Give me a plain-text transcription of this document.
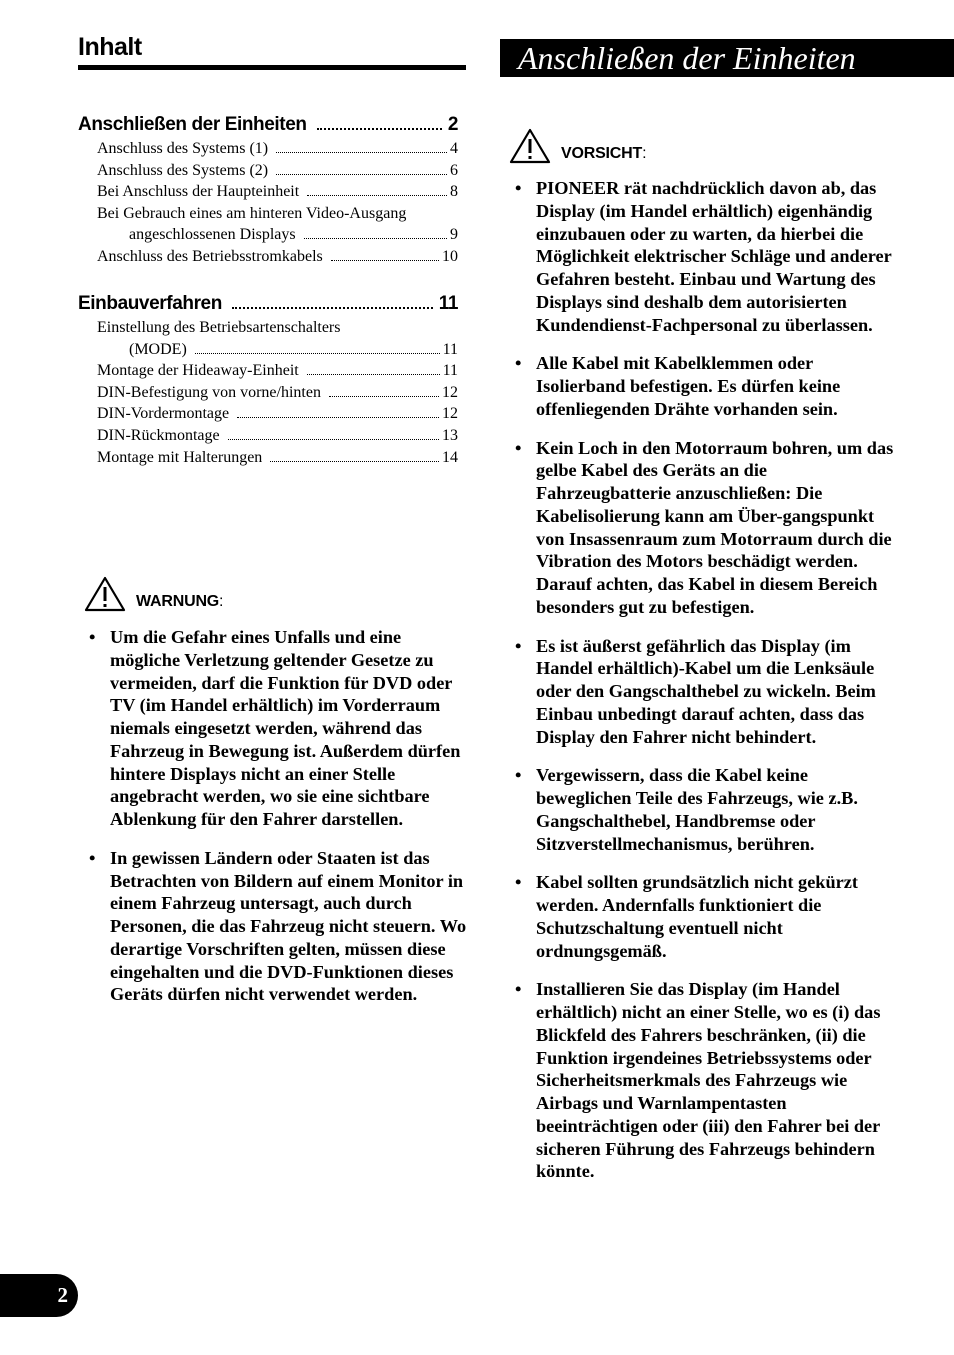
Inhalt
Anschließen der Einheiten	2
Anschluss des Systems (1)	4
Anschluss des Systems (2)	6
Bei Anschluss der Haupteinheit	8
Bei Gebrauch eines am hinteren Video-Ausgang
angeschlossenen Displays	9
Anschluss des Betriebsstromkabels	10
Einbauverfahren	11
Einstellung des Betriebsartenschalters
(MODE)	11
Montage der Hideaway-Einheit	11
DIN-Befestigung von vorne/hinten	12
DIN-Vordermontage	12
DIN-Rückmontage	13
Montage mit Halterungen	14
WARNUNG:
• Um die Gefahr eines Unfalls und eine mögliche Verletzung geltender Gesetze zu vermeiden, darf die Funktion für DVD oder TV (im Handel erhältlich) im Vorderraum niemals eingesetzt werden, während das Fahrzeug in Bewegung ist. Außerdem dürfen hintere Displays nicht an einer Stelle angebracht werden, wo sie eine sichtbare Ablenkung für den Fahrer darstellen.
• In gewissen Ländern oder Staaten ist das Betrachten von Bildern auf einem Monitor in einem Fahrzeug untersagt, auch durch Personen, die das Fahrzeug nicht steuern. Wo derartige Vorschriften gelten, müssen diese eingehalten und die DVD-Funktionen dieses Geräts dürfen nicht verwendet werden.
Anschließen der Einheiten
VORSICHT:
• PIONEER rät nachdrücklich davon ab, das Display (im Handel erhältlich) eigenhändig einzubauen oder zu warten, da hierbei die Möglichkeit elektrischer Schläge und anderer Gefahren besteht. Einbau und Wartung des Displays sind deshalb dem autorisierten Kundendienst-Fachpersonal zu überlassen.
• Alle Kabel mit Kabelklemmen oder Isolierband befestigen. Es dürfen keine offenliegenden Drähte vorhanden sein.
• Kein Loch in den Motorraum bohren, um das gelbe Kabel des Geräts an die Fahrzeugbatterie anzuschließen: Die Kabelisolierung kann am Über-gangspunkt von Insassenraum zum Motorraum durch die Vibration des Motors beschädigt werden. Darauf achten, das Kabel in diesem Bereich besonders gut zu befestigen.
• Es ist äußerst gefährlich das Display (im Handel erhältlich)-Kabel um die Lenksäule oder den Gangschalthebel zu wickeln. Beim Einbau unbedingt darauf achten, dass das Display den Fahrer nicht behindert.
• Vergewissern, dass die Kabel keine beweglichen Teile des Fahrzeugs, wie z.B. Gangschalthebel, Handbremse oder Sitzverstellmechanismus, berühren.
• Kabel sollten grundsätzlich nicht gekürzt werden. Andernfalls funktioniert die Schutzschaltung eventuell nicht ordnungsgemäß.
• Installieren Sie das Display (im Handel erhältlich) nicht an einer Stelle, wo es (i) das Blickfeld des Fahrers beschränken, (ii) die Funktion irgendeines Betriebssystems oder Sicherheitsmerkmals des Fahrzeugs wie Airbags und Warnlampentasten beeinträchtigen oder (iii) den Fahrer bei der sicheren Führung des Fahrzeugs behindern könnte.
2
